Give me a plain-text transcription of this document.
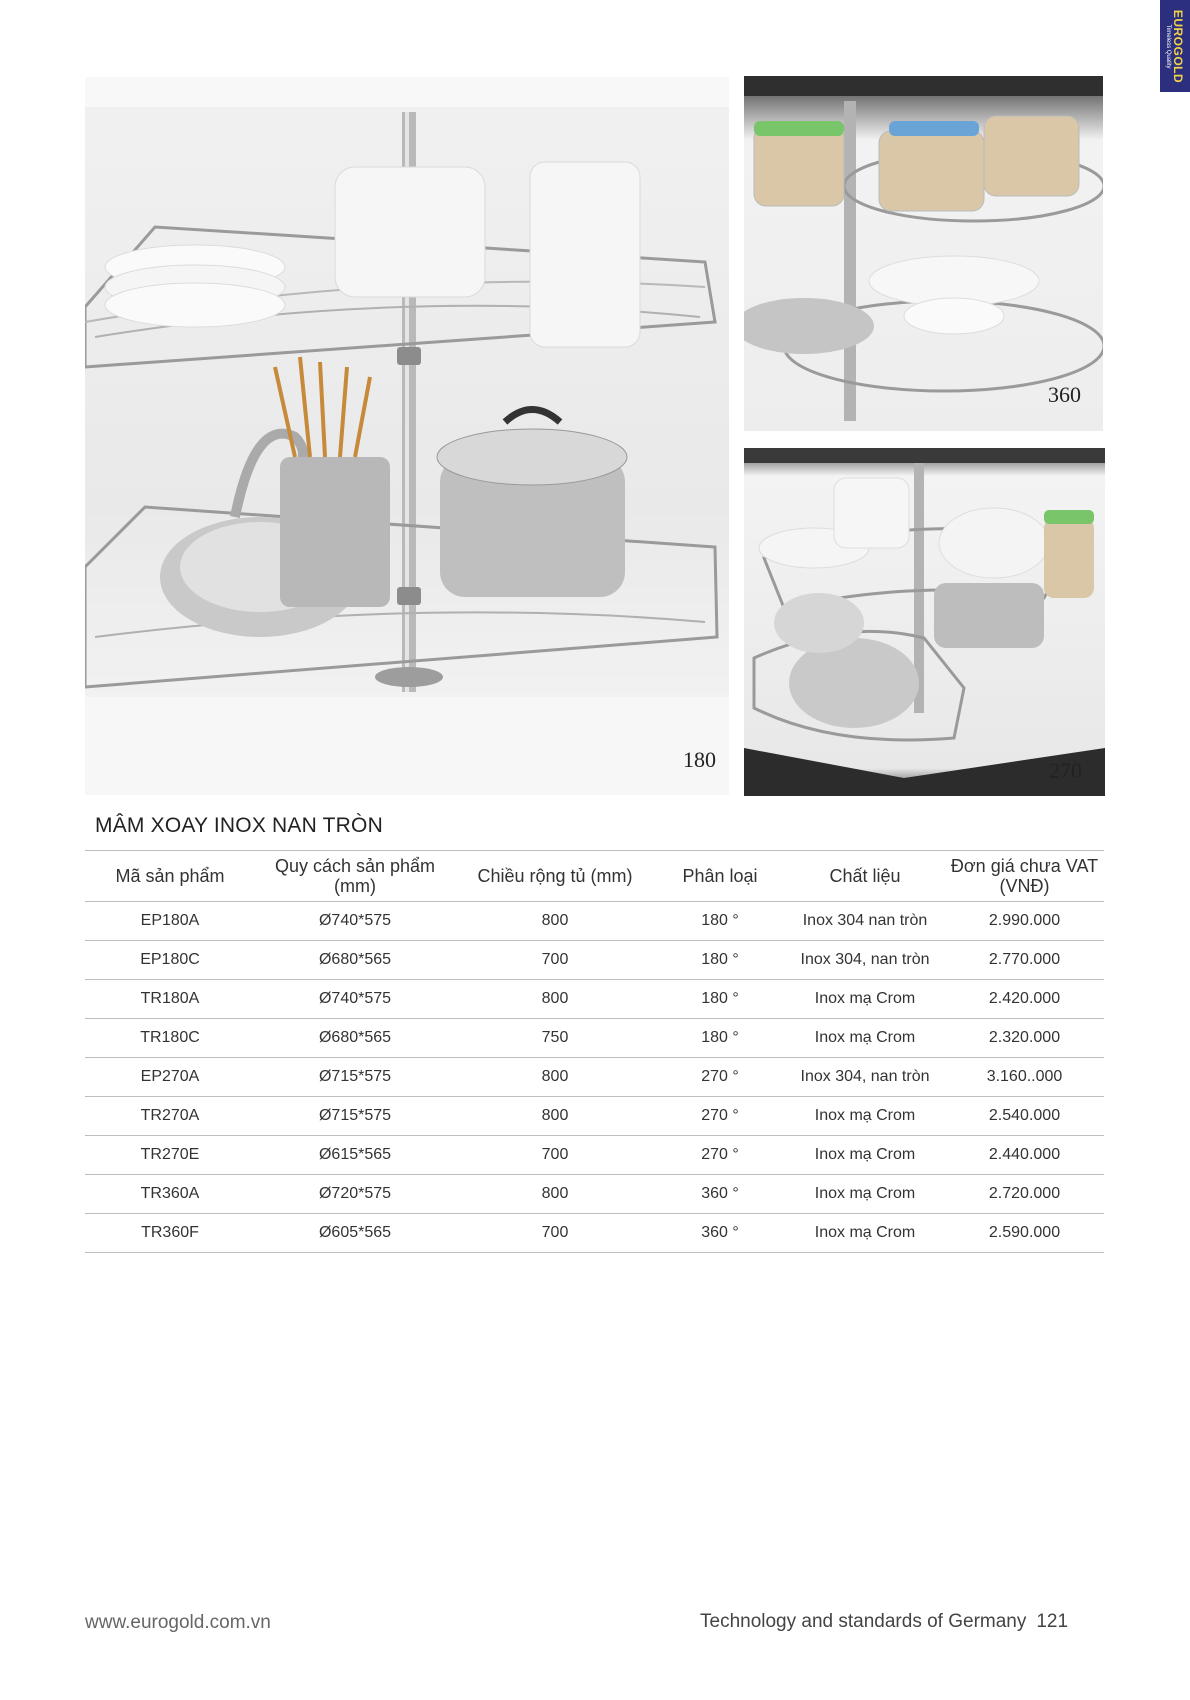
EUROGOLD
Timeless Quality
180
360
270
MÂM XOAY INOX NAN TRÒN
Mã sản phẩm	Quy cách sản phẩm (mm)	Chiều rộng tủ (mm)	Phân loại	Chất liệu	Đơn giá chưa VAT (VNĐ)
EP180A	Ø740*575	800	180 °	Inox 304 nan tròn	2.990.000
EP180C	Ø680*565	700	180 °	Inox 304, nan tròn	2.770.000
TR180A	Ø740*575	800	180 °	Inox mạ Crom	2.420.000
TR180C	Ø680*565	750	180 °	Inox mạ Crom	2.320.000
EP270A	Ø715*575	800	270 °	Inox 304, nan tròn	3.160..000
TR270A	Ø715*575	800	270 °	Inox mạ Crom	2.540.000
TR270E	Ø615*565	700	270 °	Inox mạ Crom	2.440.000
TR360A	Ø720*575	800	360 °	Inox mạ Crom	2.720.000
TR360F	Ø605*565	700	360 °	Inox mạ Crom	2.590.000
www.eurogold.com.vn	Technology and standards of Germany 121
